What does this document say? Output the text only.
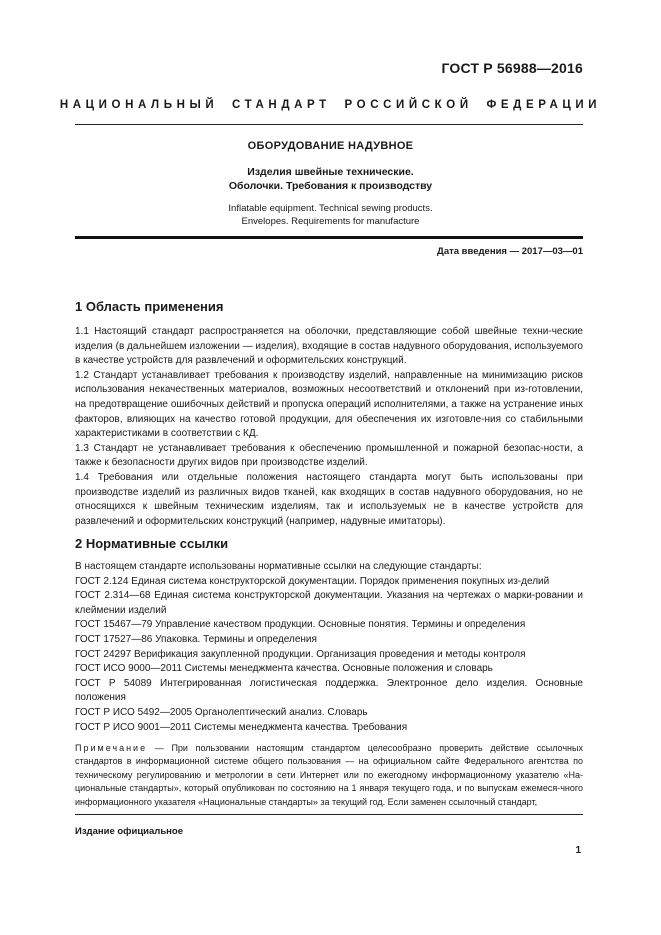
ГОСТ Р 56988—2016
НАЦИОНАЛЬНЫЙ СТАНДАРТ РОССИЙСКОЙ ФЕДЕРАЦИИ
ОБОРУДОВАНИЕ НАДУВНОЕ
Изделия швейные технические.
Оболочки. Требования к производству
Inflatable equipment. Technical sewing products.
Envelopes. Requirements for manufacture
Дата введения — 2017—03—01
1 Область применения

1.1 Настоящий стандарт распространяется на оболочки, представляющие собой швейные техни-ческие изделия (в дальнейшем изложении — изделия), входящие в состав надувного оборудования, используемого в качестве устройств для развлечений и оформительских конструкций.

1.2 Стандарт устанавливает требования к производству изделий, направленные на минимизацию рисков использования некачественных материалов, возможных несоответствий и отклонений при из-готовлении, на предотвращение ошибочных действий и пропуска операций исполнителями, а также на устранение иных факторов, влияющих на качество готовой продукции, для обеспечения их изготовле-ния со стабильными характеристиками в соответствии с КД.

1.3 Стандарт не устанавливает требования к обеспечению промышленной и пожарной безопас-ности, а также к безопасности других видов при производстве изделий.

1.4 Требования или отдельные положения настоящего стандарта могут быть использованы при производстве изделий из различных видов тканей, как входящих в состав надувного оборудования, но не относящихся к швейным техническим изделиям, так и используемых не в качестве устройств для развлечений и оформительских конструкций (например, надувные имитаторы).

2 Нормативные ссылки

В настоящем стандарте использованы нормативные ссылки на следующие стандарты:

ГОСТ 2.124 Единая система конструкторской документации. Порядок применения покупных из-делий

ГОСТ 2.314—68 Единая система конструкторской документации. Указания на чертежах о марки-ровании и клеймении изделий

ГОСТ 15467—79 Управление качеством продукции. Основные понятия. Термины и определения

ГОСТ 17527—86 Упаковка. Термины и определения

ГОСТ 24297 Верификация закупленной продукции. Организация проведения и методы контроля

ГОСТ ИСО 9000—2011 Системы менеджмента качества. Основные положения и словарь

ГОСТ Р 54089 Интегрированная логистическая поддержка. Электронное дело изделия. Основные положения

ГОСТ Р ИСО 5492—2005 Органолептический анализ. Словарь

ГОСТ Р ИСО 9001—2011 Системы менеджмента качества. Требования

Примечание — При пользовании настоящим стандартом целесообразно проверить действие ссылочных стандартов в информационной системе общего пользования — на официальном сайте Федерального агентства по техническому регулированию и метрологии в сети Интернет или по ежегодному информационному указателю «На-циональные стандарты», который опубликован по состоянию на 1 января текущего года, и по выпускам ежемеся-чного информационного указателя «Национальные стандарты» за текущий год. Если заменен ссылочный стандарт,
Издание официальное
1
